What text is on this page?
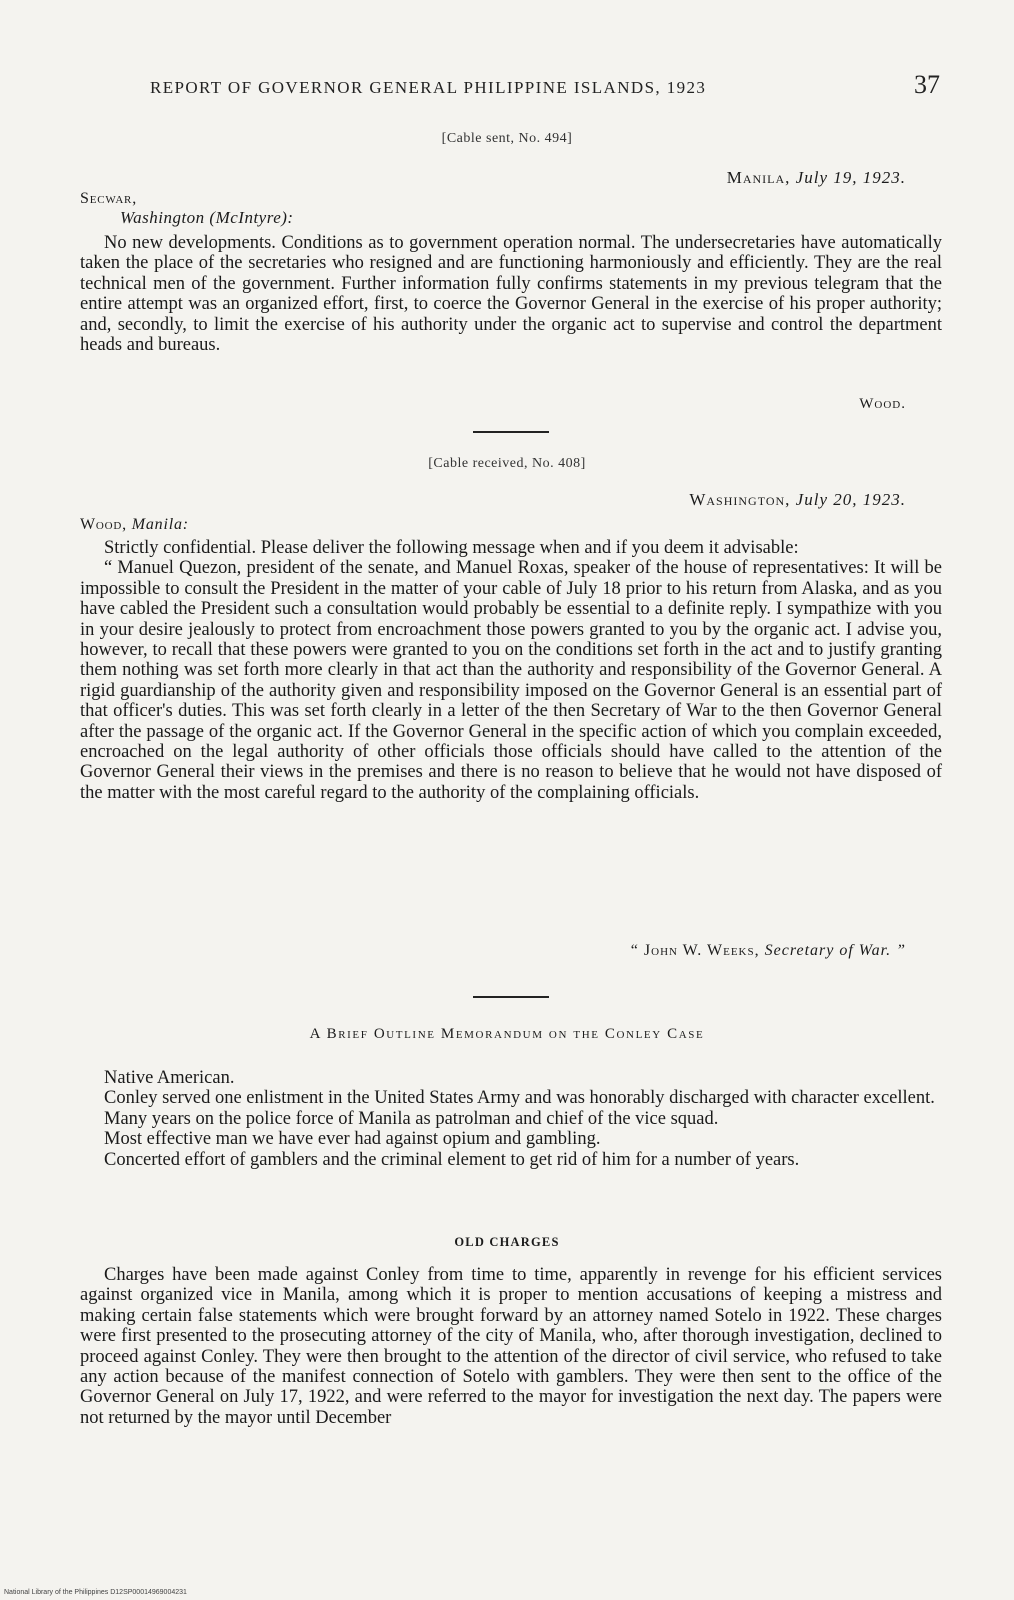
REPORT OF GOVERNOR GENERAL PHILIPPINE ISLANDS, 1923	37
[Cable sent, No. 494]
Manila, July 19, 1923.
Secwar,
Washington (McIntyre):

No new developments. Conditions as to government operation normal. The undersecretaries have automatically taken the place of the secretaries who resigned and are functioning harmoniously and efficiently. They are the real technical men of the government. Further information fully confirms statements in my previous telegram that the entire attempt was an organized effort, first, to coerce the Governor General in the exercise of his proper authority; and, secondly, to limit the exercise of his authority under the organic act to supervise and control the department heads and bureaus.

Wood.
[Cable received, No. 408]
Washington, July 20, 1923.
Wood, Manila:

Strictly confidential. Please deliver the following message when and if you deem it advisable:

“ Manuel Quezon, president of the senate, and Manuel Roxas, speaker of the house of representatives: It will be impossible to consult the President in the matter of your cable of July 18 prior to his return from Alaska, and as you have cabled the President such a consultation would probably be essential to a definite reply. I sympathize with you in your desire jealously to protect from encroachment those powers granted to you by the organic act. I advise you, however, to recall that these powers were granted to you on the conditions set forth in the act and to justify granting them nothing was set forth more clearly in that act than the authority and responsibility of the Governor General. A rigid guardianship of the authority given and responsibility imposed on the Governor General is an essential part of that officer's duties. This was set forth clearly in a letter of the then Secretary of War to the then Governor General after the passage of the organic act. If the Governor General in the specific action of which you complain exceeded, encroached on the legal authority of other officials those officials should have called to the attention of the Governor General their views in the premises and there is no reason to believe that he would not have disposed of the matter with the most careful regard to the authority of the complaining officials.

“ John W. Weeks, Secretary of War. ”
A Brief Outline Memorandum on the Conley Case

Native American.

Conley served one enlistment in the United States Army and was honorably discharged with character excellent.

Many years on the police force of Manila as patrolman and chief of the vice squad.

Most effective man we have ever had against opium and gambling.

Concerted effort of gamblers and the criminal element to get rid of him for a number of years.

OLD CHARGES

Charges have been made against Conley from time to time, apparently in revenge for his efficient services against organized vice in Manila, among which it is proper to mention accusations of keeping a mistress and making certain false statements which were brought forward by an attorney named Sotelo in 1922. These charges were first presented to the prosecuting attorney of the city of Manila, who, after thorough investigation, declined to proceed against Conley. They were then brought to the attention of the director of civil service, who refused to take any action because of the manifest connection of Sotelo with gamblers. They were then sent to the office of the Governor General on July 17, 1922, and were referred to the mayor for investigation the next day. The papers were not returned by the mayor until December

National Library of the Philippines D12SP00014969004231
